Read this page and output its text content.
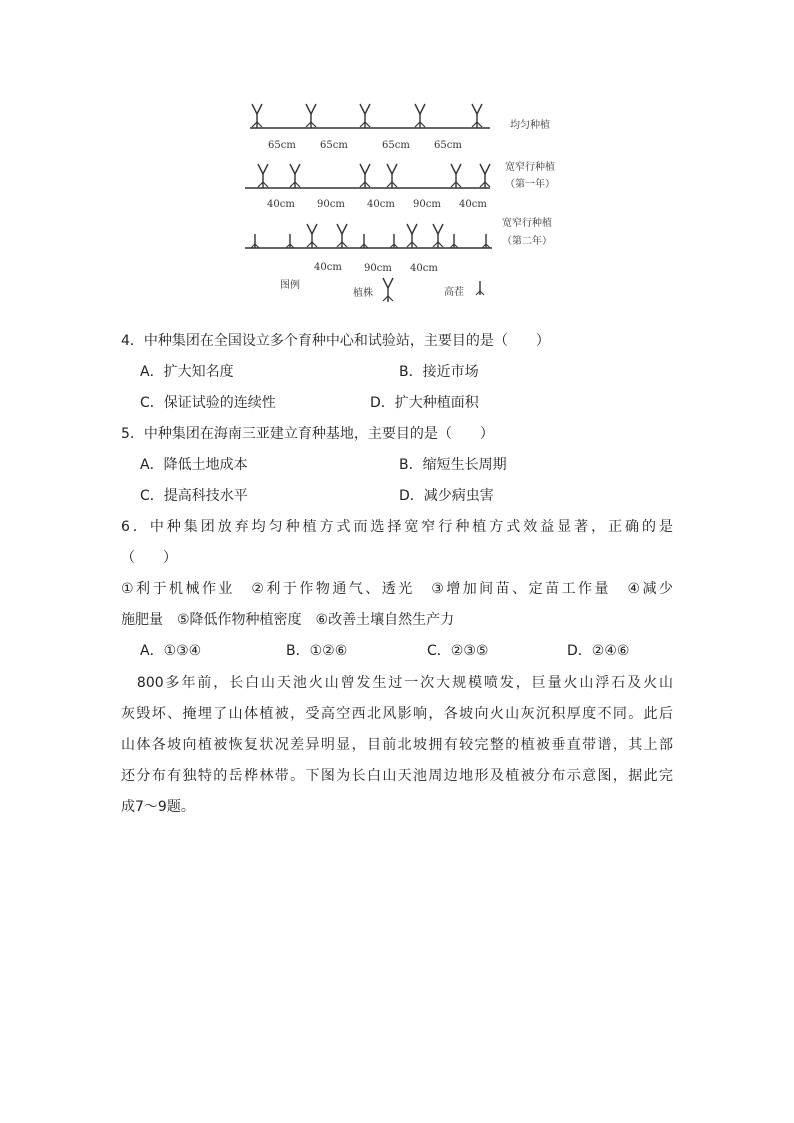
均匀种植
65cm 65cm	65cm 65cm
宽窄行种植
（第一年）
40cm 90cm 40cm 90cm 40cm
宽窄行种植
（第二年）
40cm 90cm 40cm
图例
植株	高茬
4．中种集团在全国设立多个育种中心和试验站，主要目的是（　　）
A．扩大知名度	B．接近市场
C．保证试验的连续性	D．扩大种植面积
5．中种集团在海南三亚建立育种基地，主要目的是（　　）
A．降低土地成本	B．缩短生长周期
C．提高科技水平	D．减少病虫害
6．中种集团放弃均匀种植方式而选择宽窄行种植方式效益显著，正确的是
（　　）
①利于机械作业　②利于作物通气、透光　③增加间苗、定苗工作量　④减少
施肥量　⑤降低作物种植密度　⑥改善土壤自然生产力
A．①③④	B．①②⑥	C．②③⑤	D．②④⑥
　800多年前，长白山天池火山曾发生过一次大规模喷发，巨量火山浮石及火山
灰毁坏、掩埋了山体植被，受高空西北风影响，各坡向火山灰沉积厚度不同。此后
山体各坡向植被恢复状况差异明显，目前北坡拥有较完整的植被垂直带谱，其上部
还分布有独特的岳桦林带。下图为长白山天池周边地形及植被分布示意图，据此完
成7～9题。
